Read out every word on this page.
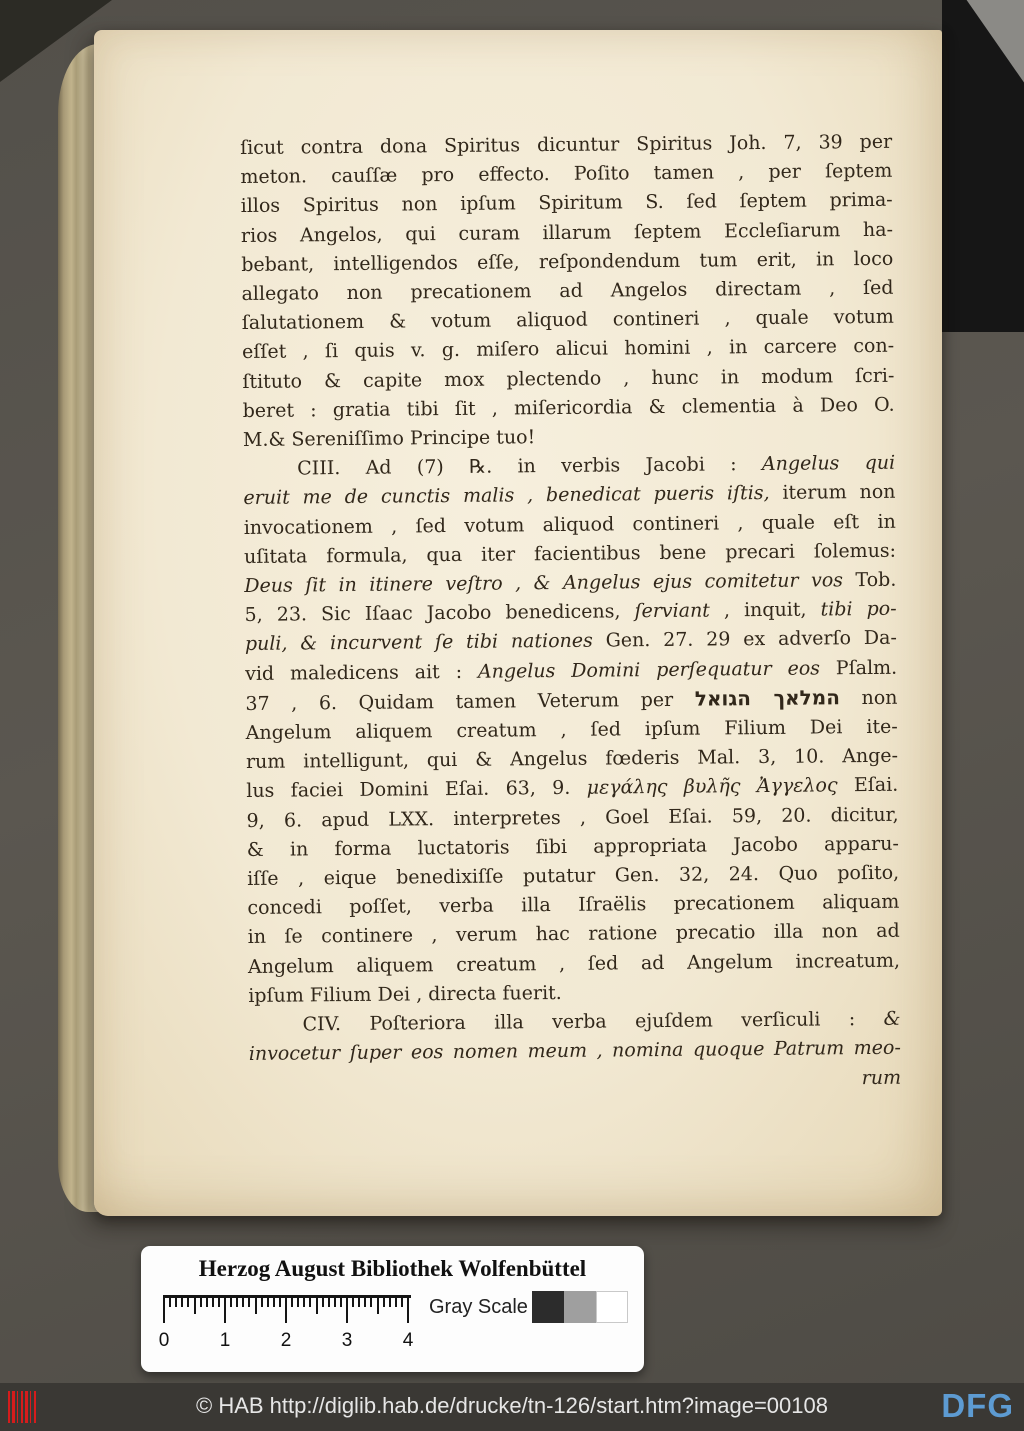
ſicut contra dona Spiritus dicuntur Spiritus Joh. 7, 39 per
meton. cauſſæ pro effecto. Poſito tamen , per ſeptem
illos Spiritus non ipſum Spiritum S. ſed ſeptem prima-
rios Angelos, qui curam illarum ſeptem Eccleſiarum ha-
bebant, intelligendos eſſe, reſpondendum tum erit, in loco
allegato non precationem ad Angelos directam , ſed
ſalutationem & votum aliquod contineri , quale votum
eſſet , ſi quis v. g. miſero alicui homini , in carcere con-
ſtituto & capite mox plectendo , hunc in modum ſcri-
beret : gratia tibi ſit , miſericordia & clementia à Deo O.
M.& Sereniſſimo Principe tuo!
CIII. Ad (7) ℞. in verbis Jacobi : Angelus qui
eruit me de cunctis malis , benedicat pueris iſtis, iterum non
invocationem , ſed votum aliquod contineri , quale eſt in
uſitata formula, qua iter facientibus bene precari ſolemus:
Deus ſit in itinere veſtro , & Angelus ejus comitetur vos Tob.
5, 23. Sic Iſaac Jacobo benedicens, ſerviant , inquit, tibi po-
puli, & incurvent ſe tibi nationes Gen. 27. 29 ex adverſo Da-
vid maledicens ait : Angelus Domini perſequatur eos Pſalm.
37 , 6. Quidam tamen Veterum per המלאך הגואל non
Angelum aliquem creatum , ſed ipſum Filium Dei ite-
rum intelligunt, qui & Angelus fœderis Mal. 3, 10. Ange-
lus faciei Domini Eſai. 63, 9. μεγάλης βυλῆς Ἀγγελος Eſai.
9, 6. apud LXX. interpretes , Goel Eſai. 59, 20. dicitur,
& in forma luctatoris ſibi appropriata Jacobo apparu-
iſſe , eique benedixiſſe putatur Gen. 32, 24. Quo poſito,
concedi poſſet, verba illa Iſraëlis precationem aliquam
in ſe continere , verum hac ratione precatio illa non ad
Angelum aliquem creatum , ſed ad Angelum increatum,
ipſum Filium Dei , directa fuerit.
CIV. Poſteriora illa verba ejuſdem verſiculi : &
invocetur ſuper eos nomen meum , nomina quoque Patrum meo-
rum
Herzog August Bibliothek Wolfenbüttel
0	1	2	3	4
Gray Scale
© HAB http://diglib.hab.de/drucke/tn-126/start.htm?image=00108	DFG
